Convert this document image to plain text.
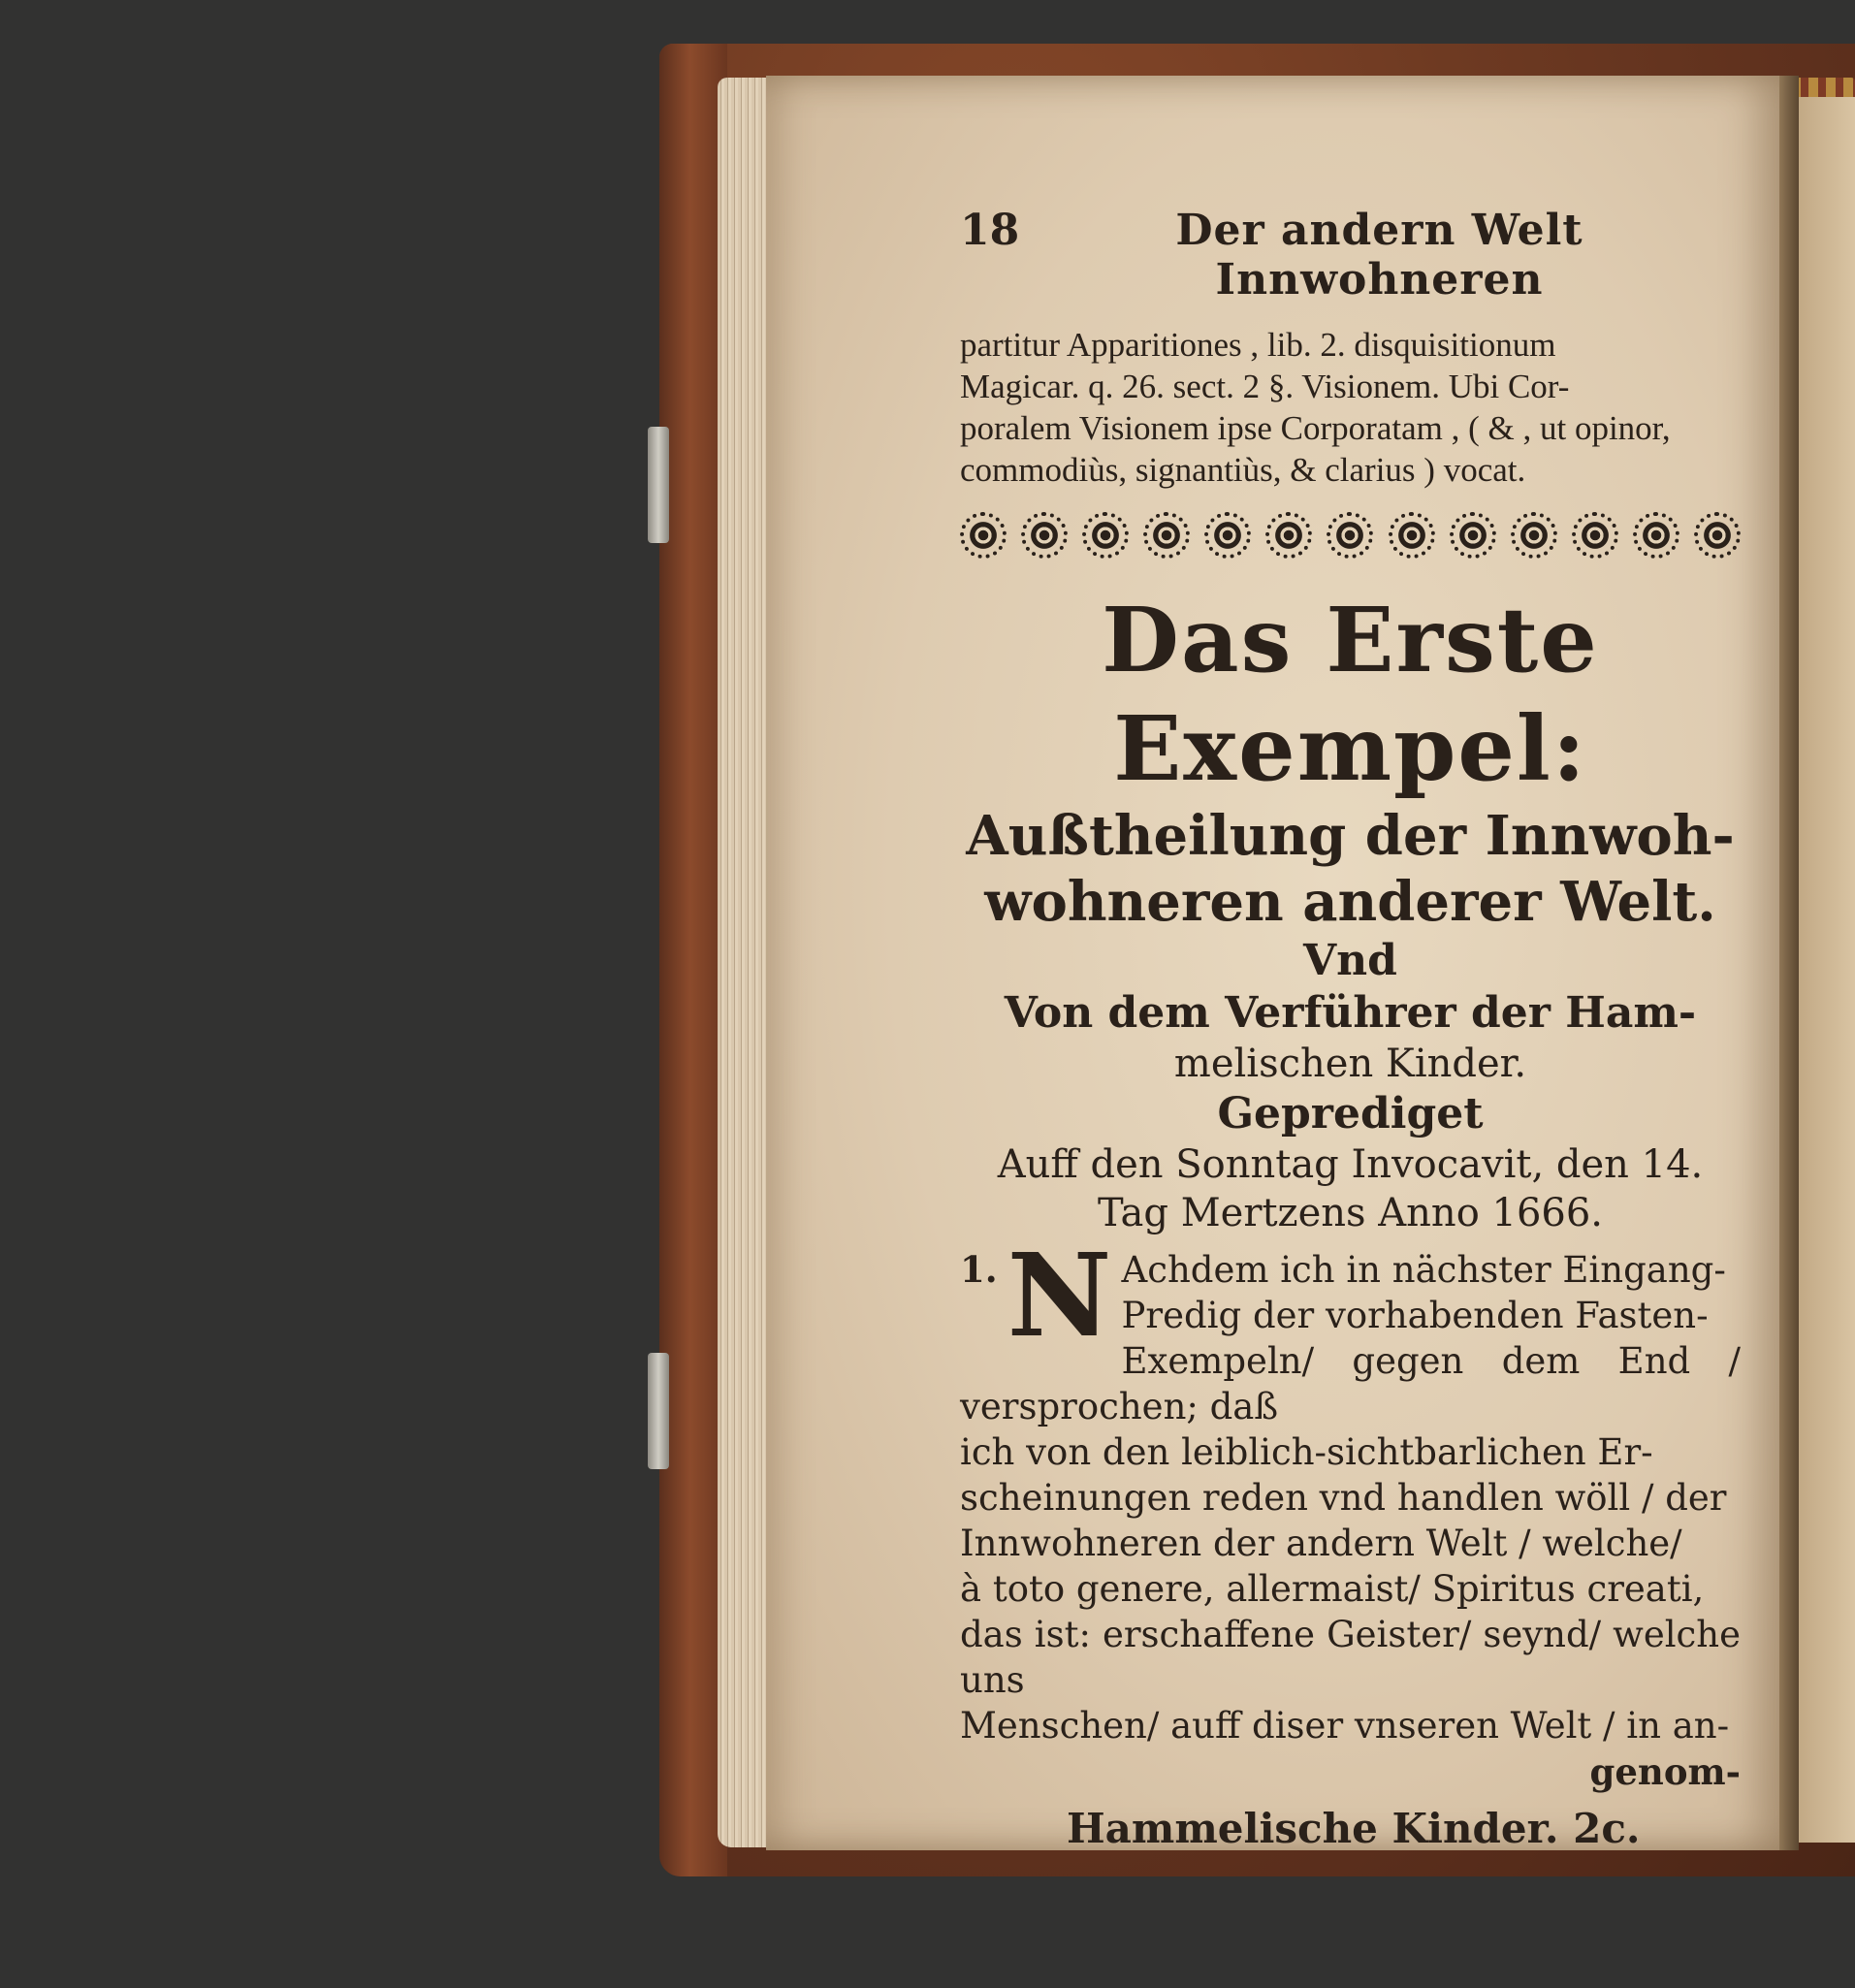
18	Der andern Welt Innwohneren

partitur Apparitiones , lib. 2. disquisitionum

Magicar. q. 26. sect. 2 §. Visionem. Ubi Cor-

poralem Visionem ipse Corporatam , ( & , ut opinor,

commodiùs, signantiùs, & clarius ) vocat.

Das Erste Exempel:
Außtheilung der Innwoh-
wohneren anderer Welt.
Vnd
Von dem Verführer der Ham-
melischen Kinder.
Geprediget
Auff den Sonntag Invocavit, den 14.
Tag Mertzens Anno 1666.
1. N Achdem ich in nächster Eingang-

Predig der vorhabenden Fasten-

Exempeln/ gegen dem End / versprochen; daß

ich von den leiblich-sichtbarlichen Er-

scheinungen reden vnd handlen wöll / der

Innwohneren der andern Welt / welche/

à toto genere, allermaist/ Spiritus creati,

das ist: erschaffene Geister/ seynd/ welche uns

Menschen/ auff diser vnseren Welt / in an-

genom-
Hammelische Kinder. 2c.
